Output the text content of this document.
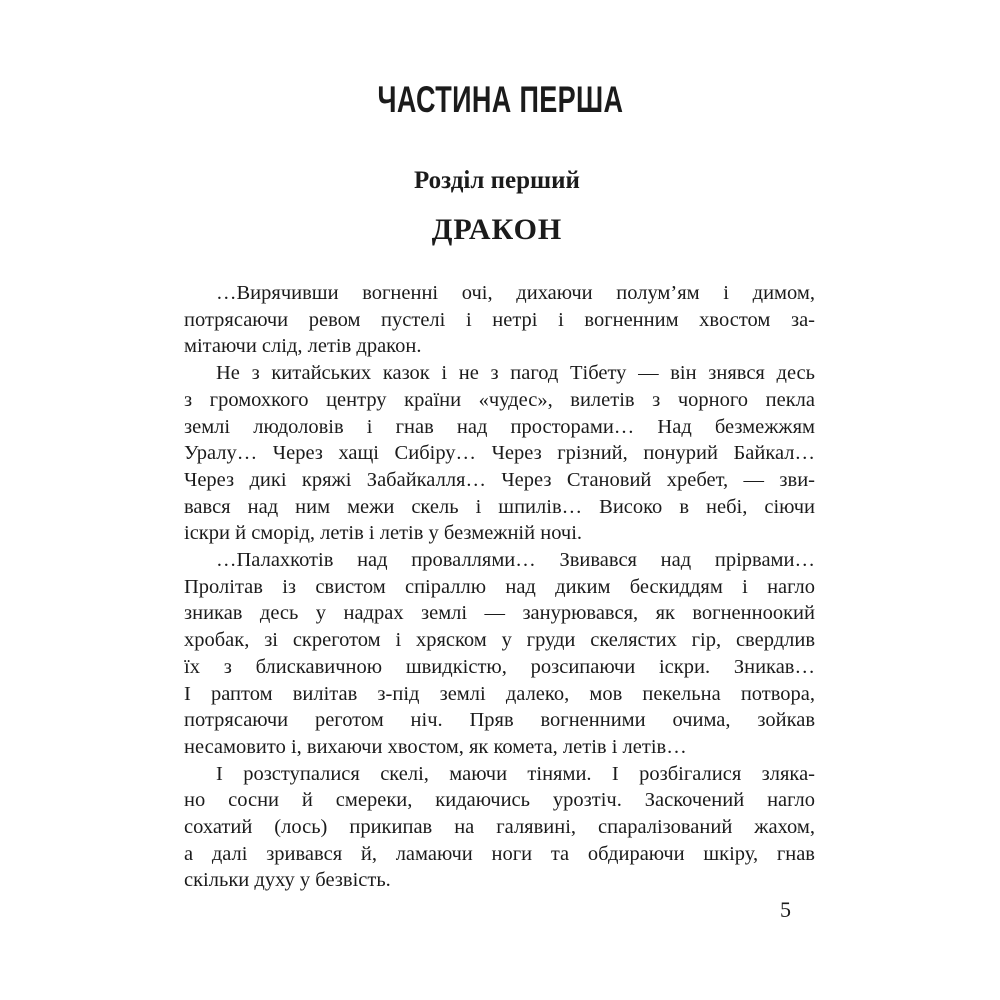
ЧАСТИНА ПЕРША
Розділ перший
ДРАКОН
…Вирячивши вогненні очі, дихаючи полум’ям і димом,
потрясаючи ревом пустелі і нетрі і вогненним хвостом за-
мітаючи слід, летів дракон.
Не з китайських казок і не з пагод Тібету — він знявся десь
з громохкого центру країни «чудес», вилетів з чорного пекла
землі людоловів і гнав над просторами… Над безмежжям
Уралу… Через хащі Сибіру… Через грізний, понурий Байкал…
Через дикі кряжі Забайкалля… Через Становий хребет, — зви-
вався над ним межи скель і шпилів… Високо в небі, сіючи
іскри й сморід, летів і летів у безмежній ночі.
…Палахкотів над проваллями… Звивався над прірвами…
Пролітав із свистом спіраллю над диким бескиддям і нагло
зникав десь у надрах землі — занурювався, як вогненноокий
хробак, зі скреготом і хряском у груди скелястих гір, свердлив
їх з блискавичною швидкістю, розсипаючи іскри. Зникав…
І раптом вилітав з-під землі далеко, мов пекельна потвора,
потрясаючи реготом ніч. Пряв вогненними очима, зойкав
несамовито і, вихаючи хвостом, як комета, летів і летів…
І розступалися скелі, маючи тінями. І розбігалися зляка-
но сосни й смереки, кидаючись урозтіч. Заскочений нагло
сохатий (лось) прикипав на галявині, спаралізований жахом,
а далі зривався й, ламаючи ноги та обдираючи шкіру, гнав
скільки духу у безвість.
5
